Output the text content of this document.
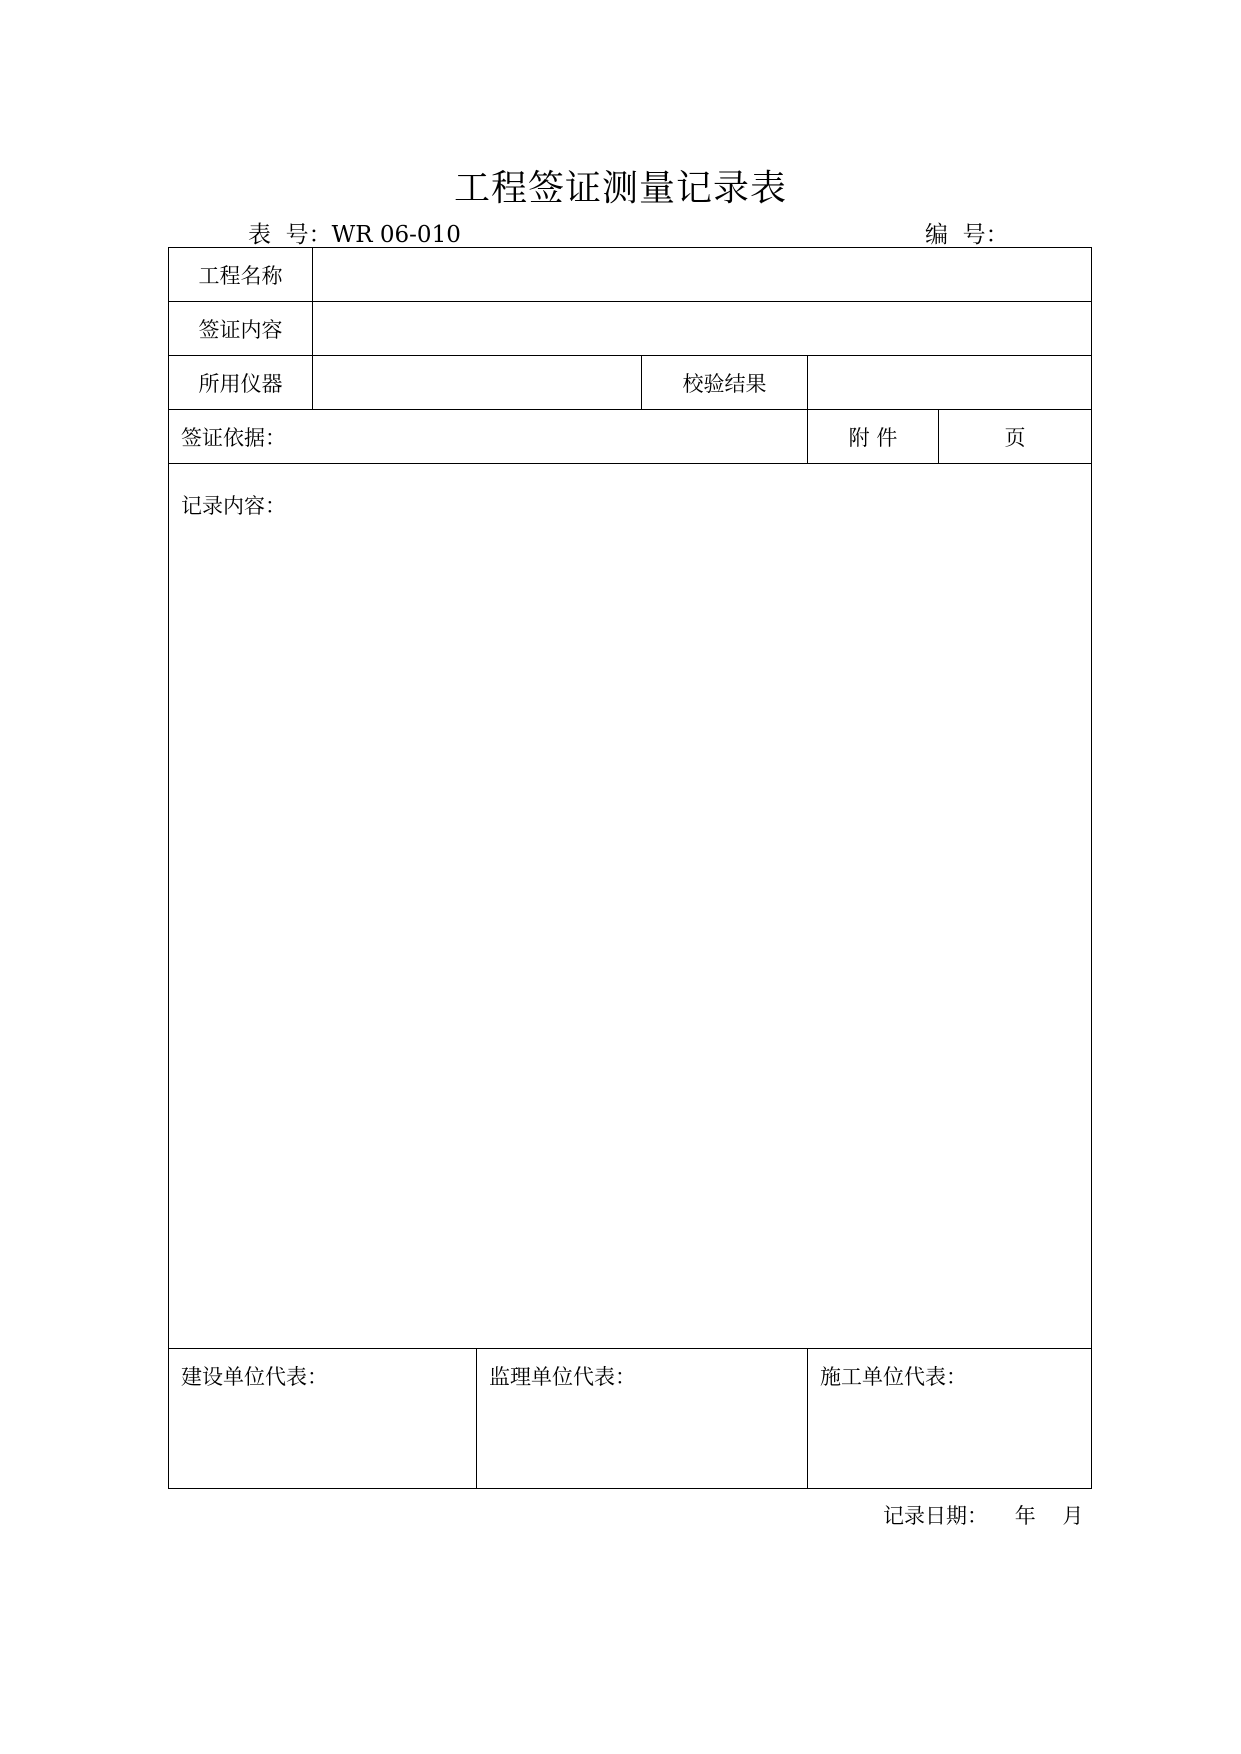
工程签证测量记录表
表  号：WR 06-010	编  号：
工程名称					
签证内容					
所用仪器			校验结果		
签证依据：				附 件	页
记录内容：					
建设单位代表：		监理单位代表：		施工单位代表：	
记录日期： 年 月
